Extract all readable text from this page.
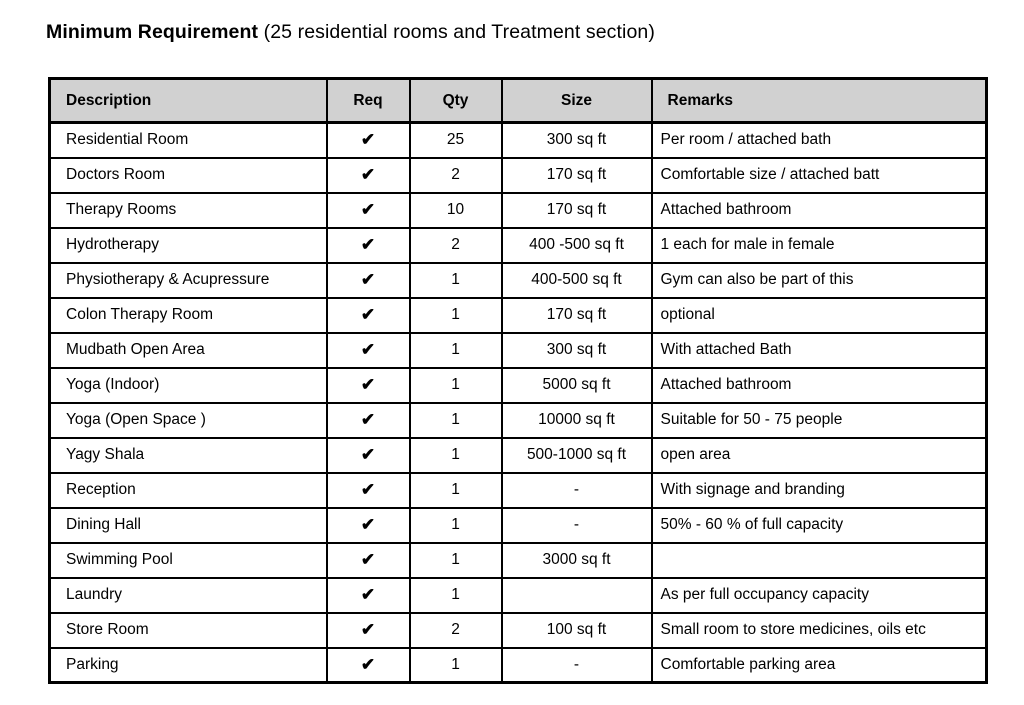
Minimum Requirement (25 residential rooms and Treatment section)
Description	Req	Qty	Size	Remarks
Residential Room	✔	25	300 sq ft	Per room / attached bath
Doctors Room	✔	2	170 sq ft	Comfortable size / attached batt
Therapy Rooms	✔	10	170 sq ft	Attached bathroom
Hydrotherapy	✔	2	400 -500 sq ft	1 each for male in female
Physiotherapy & Acupressure	✔	1	400-500 sq ft	Gym can also be part of this
Colon Therapy Room	✔	1	170 sq ft	optional
Mudbath Open Area	✔	1	300 sq ft	With attached Bath
Yoga (Indoor)	✔	1	5000 sq ft	Attached bathroom
Yoga (Open Space )	✔	1	10000 sq ft	Suitable for 50 - 75 people
Yagy Shala	✔	1	500-1000 sq ft	open area
Reception	✔	1	-	With signage and branding
Dining Hall	✔	1	-	50% - 60 % of full capacity
Swimming Pool	✔	1	3000 sq ft	
Laundry	✔	1		As per full occupancy capacity
Store Room	✔	2	100 sq ft	Small room to store medicines, oils etc
Parking	✔	1	-	Comfortable parking area
